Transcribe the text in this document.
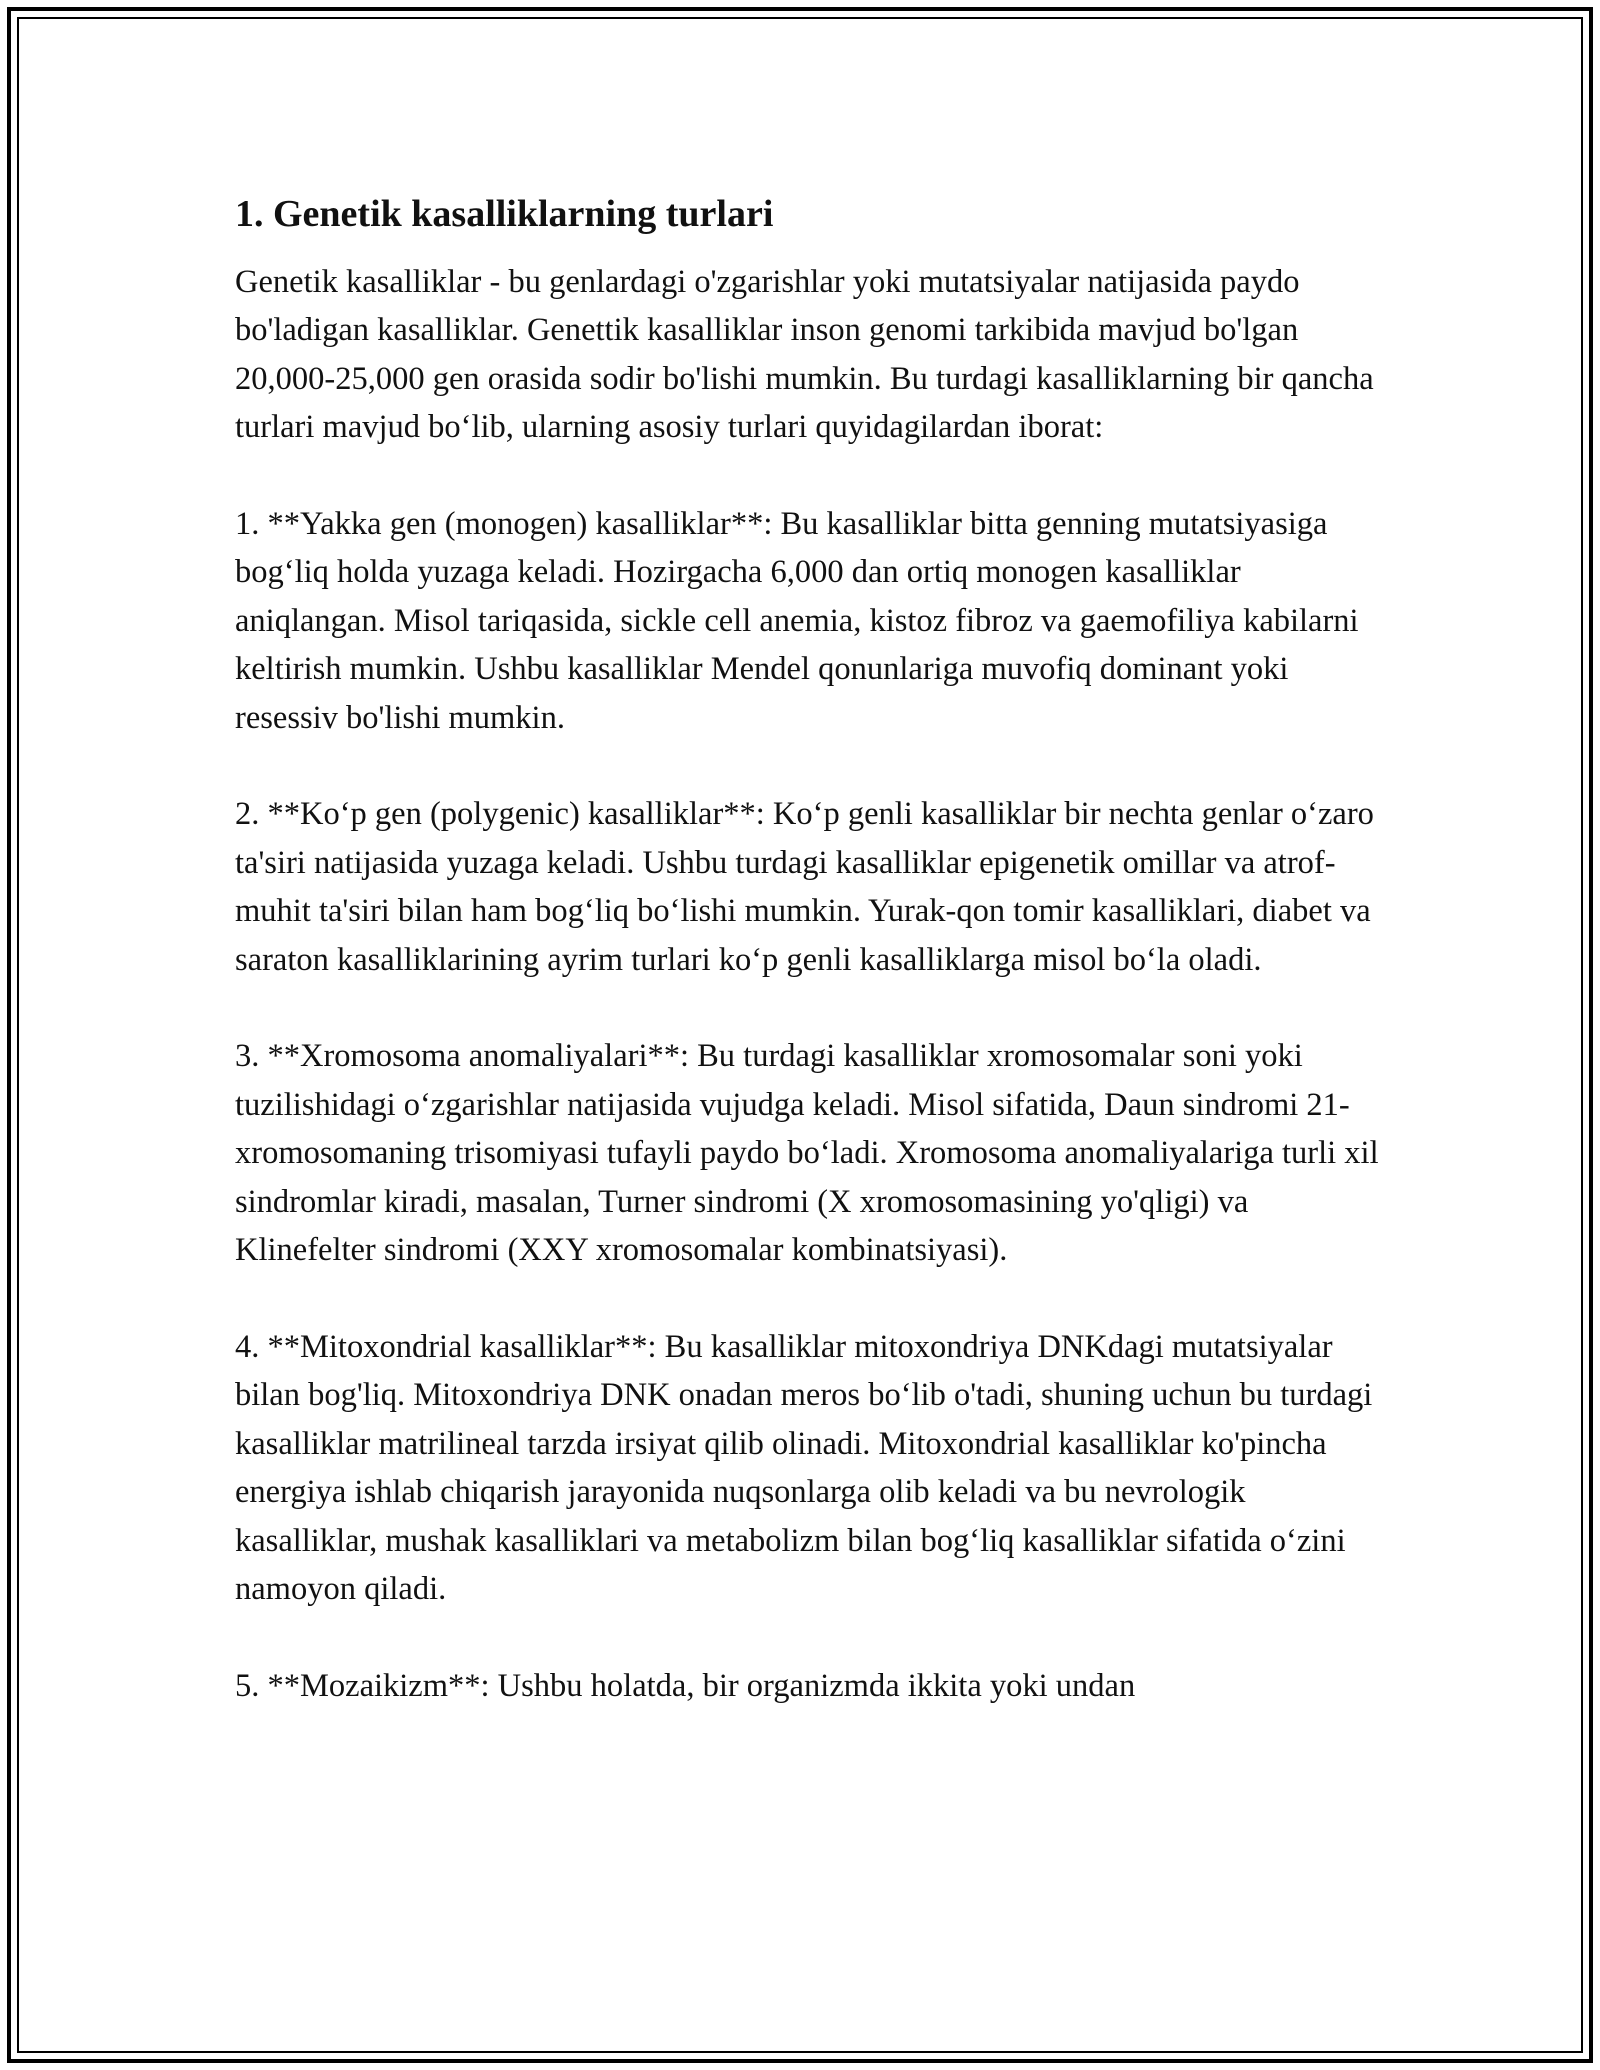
1. Genetik kasalliklarning turlari

Genetik kasalliklar - bu genlardagi o'zgarishlar yoki mutatsiyalar natijasida paydo bo'ladigan kasalliklar. Genettik kasalliklar inson genomi tarkibida mavjud bo'lgan 20,000-25,000 gen orasida sodir bo'lishi mumkin. Bu turdagi kasalliklarning bir qancha turlari mavjud bo‘lib, ularning asosiy turlari quyidagilardan iborat:

1. **Yakka gen (monogen) kasalliklar**: Bu kasalliklar bitta genning mutatsiyasiga bog‘liq holda yuzaga keladi. Hozirgacha 6,000 dan ortiq monogen kasalliklar aniqlangan. Misol tariqasida, sickle cell anemia, kistoz fibroz va gaemofiliya kabilarni keltirish mumkin. Ushbu kasalliklar Mendel qonunlariga muvofiq dominant yoki resessiv bo'lishi mumkin.

2. **Ko‘p gen (polygenic) kasalliklar**: Ko‘p genli kasalliklar bir nechta genlar o‘zaro ta'siri natijasida yuzaga keladi. Ushbu turdagi kasalliklar epigenetik omillar va atrof-muhit ta'siri bilan ham bog‘liq bo‘lishi mumkin. Yurak-qon tomir kasalliklari, diabet va saraton kasalliklarining ayrim turlari ko‘p genli kasalliklarga misol bo‘la oladi.

3. **Xromosoma anomaliyalari**: Bu turdagi kasalliklar xromosomalar soni yoki tuzilishidagi o‘zgarishlar natijasida vujudga keladi. Misol sifatida, Daun sindromi 21-xromosomaning trisomiyasi tufayli paydo bo‘ladi. Xromosoma anomaliyalariga turli xil sindromlar kiradi, masalan, Turner sindromi (X xromosomasining yo'qligi) va Klinefelter sindromi (XXY xromosomalar kombinatsiyasi).

4. **Mitoxondrial kasalliklar**: Bu kasalliklar mitoxondriya DNKdagi mutatsiyalar bilan bog'liq. Mitoxondriya DNK onadan meros bo‘lib o'tadi, shuning uchun bu turdagi kasalliklar matrilineal tarzda irsiyat qilib olinadi. Mitoxondrial kasalliklar ko'pincha energiya ishlab chiqarish jarayonida nuqsonlarga olib keladi va bu nevrologik kasalliklar, mushak kasalliklari va metabolizm bilan bog‘liq kasalliklar sifatida o‘zini namoyon qiladi.

5. **Mozaikizm**: Ushbu holatda, bir organizmda ikkita yoki undan
